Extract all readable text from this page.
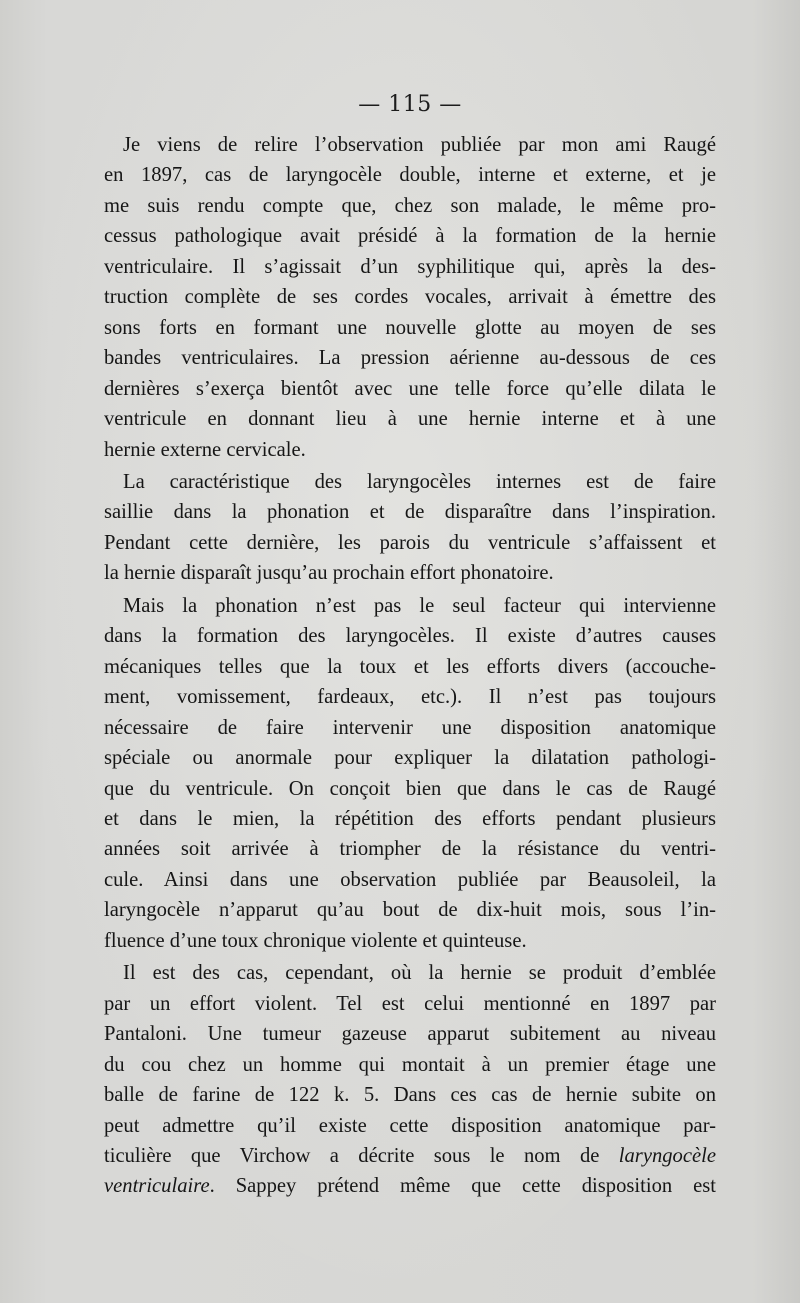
— 115 —
Je viens de relire l’observation publiée par mon ami Raugé
en 1897, cas de laryngocèle double, interne et externe, et je
me suis rendu compte que, chez son malade, le même pro-
cessus pathologique avait présidé à la formation de la hernie
ventriculaire. Il s’agissait d’un syphilitique qui, après la des-
truction complète de ses cordes vocales, arrivait à émettre des
sons forts en formant une nouvelle glotte au moyen de ses
bandes ventriculaires. La pression aérienne au-dessous de ces
dernières s’exerça bientôt avec une telle force qu’elle dilata le
ventricule en donnant lieu à une hernie interne et à une
hernie externe cervicale.
La caractéristique des laryngocèles internes est de faire
saillie dans la phonation et de disparaître dans l’inspiration.
Pendant cette dernière, les parois du ventricule s’affaissent et
la hernie disparaît jusqu’au prochain effort phonatoire.
Mais la phonation n’est pas le seul facteur qui intervienne
dans la formation des laryngocèles. Il existe d’autres causes
mécaniques telles que la toux et les efforts divers (accouche-
ment, vomissement, fardeaux, etc.). Il n’est pas toujours
nécessaire de faire intervenir une disposition anatomique
spéciale ou anormale pour expliquer la dilatation pathologi-
que du ventricule. On conçoit bien que dans le cas de Raugé
et dans le mien, la répétition des efforts pendant plusieurs
années soit arrivée à triompher de la résistance du ventri-
cule. Ainsi dans une observation publiée par Beausoleil, la
laryngocèle n’apparut qu’au bout de dix-huit mois, sous l’in-
fluence d’une toux chronique violente et quinteuse.
Il est des cas, cependant, où la hernie se produit d’emblée
par un effort violent. Tel est celui mentionné en 1897 par
Pantaloni. Une tumeur gazeuse apparut subitement au niveau
du cou chez un homme qui montait à un premier étage une
balle de farine de 122 k. 5. Dans ces cas de hernie subite on
peut admettre qu’il existe cette disposition anatomique par-
ticulière que Virchow a décrite sous le nom de laryngocèle
ventriculaire. Sappey prétend même que cette disposition est
